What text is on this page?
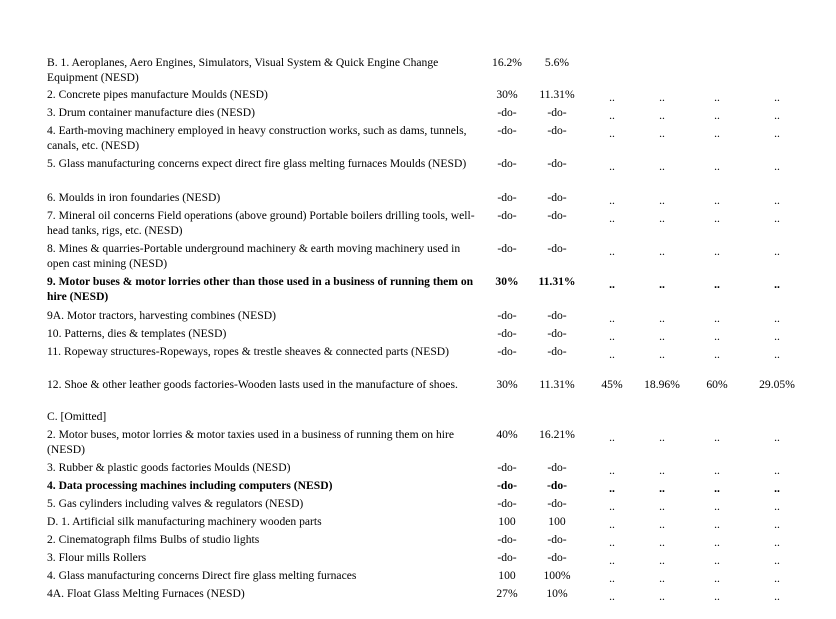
B. 1. Aeroplanes, Aero Engines, Simulators, Visual System & Quick Engine Change Equipment (NESD)
16.2%	5.6%
2. Concrete pipes manufacture Moulds (NESD)	30%	11.31%	..	..	..	..
3. Drum container manufacture dies (NESD)	-do-	-do-	..	..	..	..
4. Earth-moving machinery employed in heavy construction works, such as dams, tunnels, canals, etc. (NESD)
-do-	-do-	..	..	..	..
5. Glass manufacturing concerns expect direct fire glass melting furnaces Moulds (NESD)	-do-	-do-	..	..	..	..
6. Moulds in iron foundaries (NESD)	-do-	-do-	..	..	..	..
7. Mineral oil concerns Field operations (above ground) Portable boilers drilling tools, well-head tanks, rigs, etc. (NESD)
-do-	-do-	..	..	..	..
8. Mines & quarries-Portable underground machinery & earth moving machinery used in open cast mining (NESD)
-do-	-do-	..	..	..	..
9. Motor buses & motor lorries other than those used in a business of running them on hire (NESD)
30%	11.31%	..	..	..	..
9A. Motor tractors, harvesting combines (NESD)	-do-	-do-	..	..	..	..
10. Patterns, dies & templates (NESD)	-do-	-do-	..	..	..	..
11. Ropeway structures-Ropeways, ropes & trestle sheaves & connected parts (NESD)	-do-	-do-	..	..	..	..
12. Shoe & other leather goods factories-Wooden lasts used in the manufacture of shoes.	30%	11.31%	45%	18.96%	60%	29.05%
C. [Omitted]
2. Motor buses, motor lorries & motor taxies used in a business of running them on hire (NESD)
40%	16.21%	..	..	..	..
3. Rubber & plastic goods factories Moulds (NESD)	-do-	-do-	..	..	..	..
4. Data processing machines including computers (NESD)	-do-	-do-	..	..	..	..
5. Gas cylinders including valves & regulators (NESD)	-do-	-do-	..	..	..	..
D. 1. Artificial silk manufacturing machinery wooden parts	100	100	..	..	..	..
2. Cinematograph films Bulbs of studio lights	-do-	-do-	..	..	..	..
3. Flour mills Rollers	-do-	-do-	..	..	..	..
4. Glass manufacturing concerns Direct fire glass melting furnaces	100	100%	..	..	..	..
4A. Float Glass Melting Furnaces (NESD)	27%	10%	..	..	..	..
